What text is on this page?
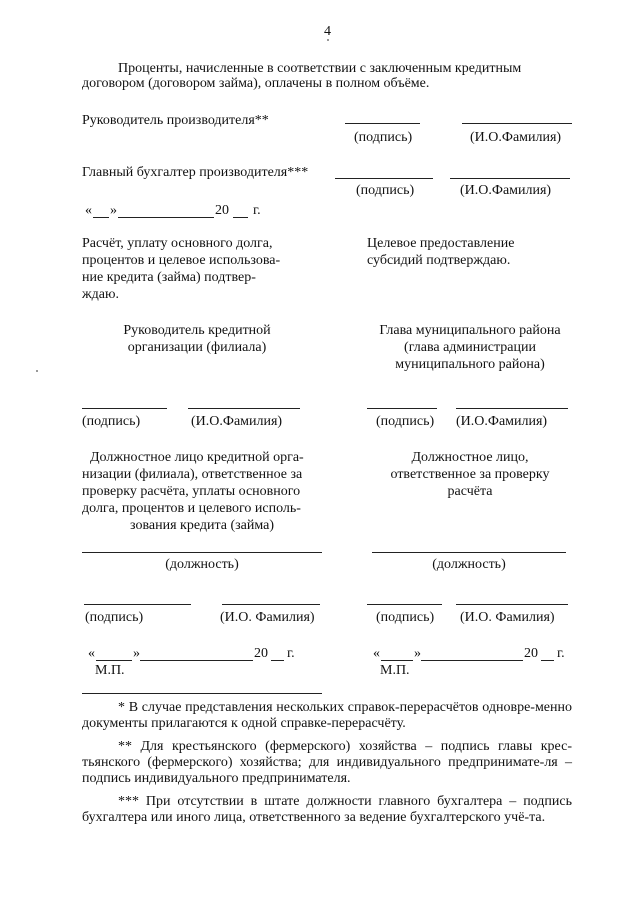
4
Проценты, начисленные в соответствии с заключенным кредитным
договором (договором займа), оплачены в полном объёме.
Руководитель производителя**
(подпись)	(И.О.Фамилия)
Главный бухгалтер производителя***
(подпись)	(И.О.Фамилия)
« »	20 г.
Расчёт, уплату основного долга,
процентов и целевое использова-
ние кредита (займа) подтвер-
ждаю.
Целевое предоставление
субсидий подтверждаю.
Руководитель кредитной
организации (филиала)
Глава муниципального района
(глава администрации
муниципального района)
(подпись)	(И.О.Фамилия)	(подпись) (И.О.Фамилия)
Должностное лицо кредитной орга-
низации (филиала), ответственное за
проверку расчёта, уплаты основного
долга, процентов и целевого исполь-
зования кредита (займа)
Должностное лицо,
ответственное за проверку
расчёта
(должность)	(должность)
(подпись)	(И.О. Фамилия)	(подпись) (И.О. Фамилия)
«	»	20 г.
М.П.
« »	20 г.
М.П.
* В случае представления нескольких справок-перерасчётов одновре-менно документы прилагаются к одной справке-перерасчёту.
** Для крестьянского (фермерского) хозяйства – подпись главы крес-тьянского (фермерского) хозяйства; для индивидуального предпринимате-ля – подпись индивидуального предпринимателя.
*** При отсутствии в штате должности главного бухгалтера – подпись бухгалтера или иного лица, ответственного за ведение бухгалтерского учё-та.
